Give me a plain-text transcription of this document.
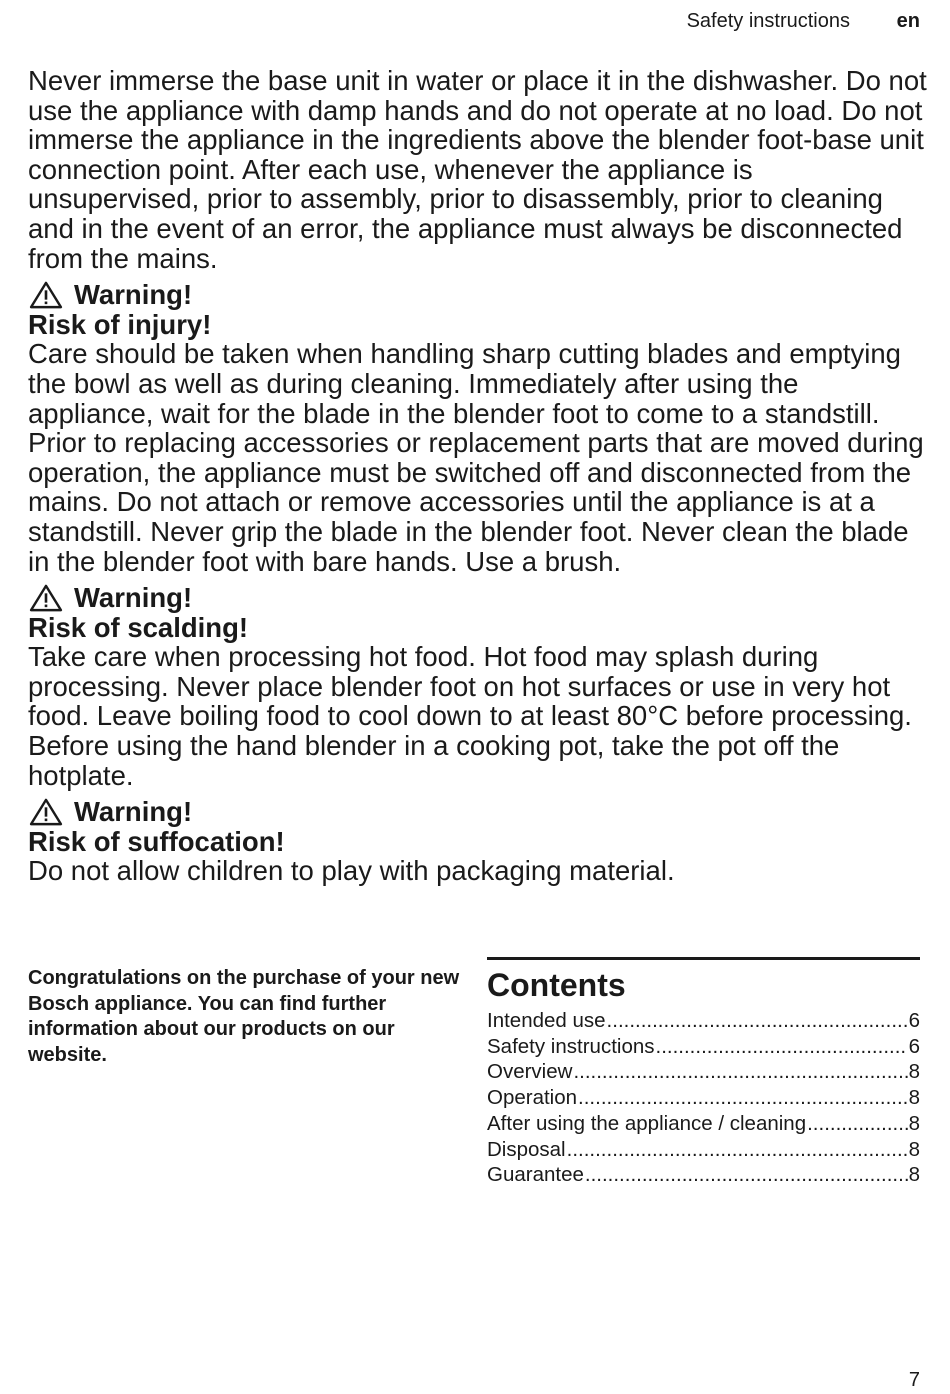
Safety instructions en

Never immerse the base unit in water or place it in the dishwasher. Do not use the appliance with damp hands and do not operate at no load. Do not immerse the appliance in the ingredients above the blender foot-base unit connection point. After each use, whenever the appliance is unsupervised, prior to assembly, prior to disassembly, prior to cleaning and in the event of an error, the appliance must always be disconnected from the mains.

Warning!
Risk of injury!

Care should be taken when handling sharp cutting blades and emptying the bowl as well as during cleaning. Immediately after using the appliance, wait for the blade in the blender foot to come to a standstill. Prior to replacing accessories or replacement parts that are moved during operation, the appliance must be switched off and disconnected from the mains. Do not attach or remove accessories until the appliance is at a standstill. Never grip the blade in the blender foot. Never clean the blade in the blender foot with bare hands. Use a brush.

Warning!
Risk of scalding!

Take care when processing hot food. Hot food may splash during processing. Never place blender foot on hot surfaces or use in very hot food. Leave boiling food to cool down to at least 80°C before processing. Before using the hand blender in a cooking pot, take the pot off the hotplate.

Warning!
Risk of suffocation!

Do not allow children to play with packaging material.

Congratulations on the purchase of your new Bosch appliance. You can find further information about our products on our website.

Contents
Intended use .....	6
Safety instructions .....	6
Overview .....	8
Operation .....	8
After using the appliance / cleaning .....	8
Disposal .....	8
Guarantee .....	8
7
